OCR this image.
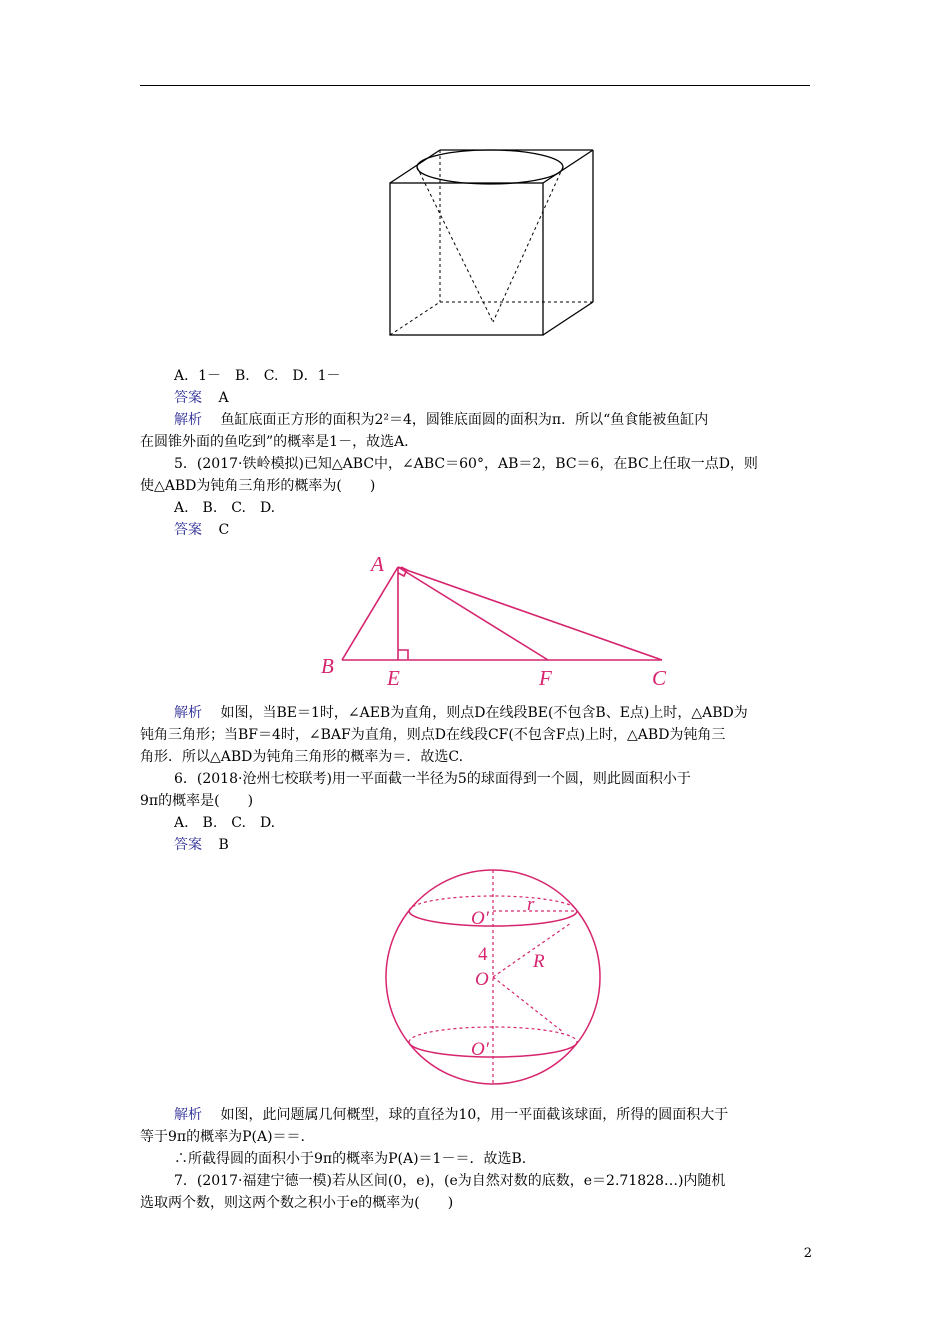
A．1－　B.　C.　D．1－
答案 A
解析 鱼缸底面正方形的面积为2²＝4，圆锥底面圆的面积为π．所以“鱼食能被鱼缸内
在圆锥外面的鱼吃到”的概率是1－，故选A.
5．(2017·铁岭模拟)已知△ABC中，∠ABC＝60°，AB＝2，BC＝6，在BC上任取一点D，则
使△ABD为钝角三角形的概率为(　　)
A.　B.　C.　D.
答案 C
A
B	E	F	C
解析 如图，当BE＝1时，∠AEB为直角，则点D在线段BE(不包含B、E点)上时，△ABD为
钝角三角形；当BF＝4时，∠BAF为直角，则点D在线段CF(不包含F点)上时，△ABD为钝角三
角形．所以△ABD为钝角三角形的概率为＝．故选C.
6．(2018·沧州七校联考)用一平面截一半径为5的球面得到一个圆，则此圆面积小于
9π的概率是(　　)
A.　B.　C.　D.
答案 B
O′
r
4 R
O
O′
解析 如图，此问题属几何概型，球的直径为10，用一平面截该球面，所得的圆面积大于
等于9π的概率为P(A)＝＝.
∴所截得圆的面积小于9π的概率为P(A)＝1－＝．故选B.
7．(2017·福建宁德一模)若从区间(0，e)，(e为自然对数的底数，e＝2.71828…)内随机
选取两个数，则这两个数之积小于e的概率为(　　)
2
